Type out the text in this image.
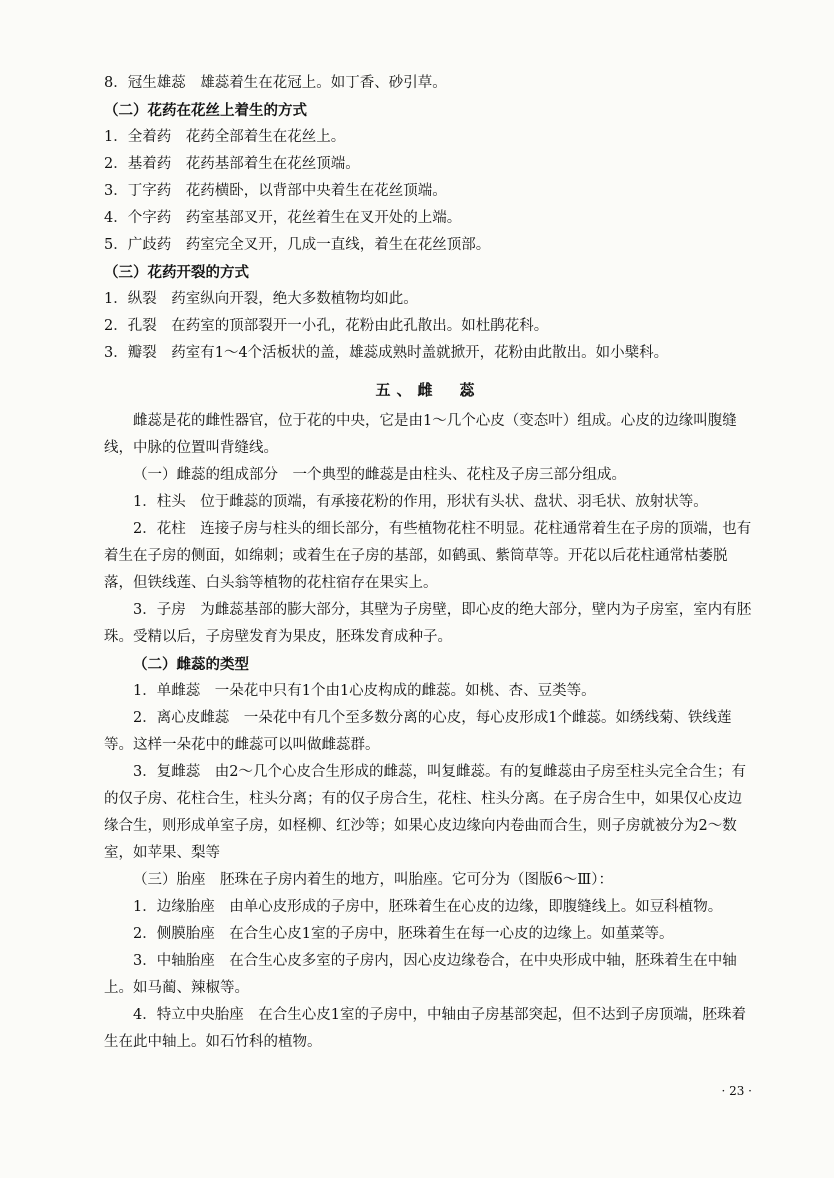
8．冠生雄蕊　雄蕊着生在花冠上。如丁香、砂引草。
（二）花药在花丝上着生的方式
1．全着药　花药全部着生在花丝上。
2．基着药　花药基部着生在花丝顶端。
3．丁字药　花药横卧，以背部中央着生在花丝顶端。
4．个字药　药室基部叉开，花丝着生在叉开处的上端。
5．广歧药　药室完全叉开，几成一直线，着生在花丝顶部。
（三）花药开裂的方式
1．纵裂　药室纵向开裂，绝大多数植物均如此。
2．孔裂　在药室的顶部裂开一小孔，花粉由此孔散出。如杜鹃花科。
3．瓣裂　药室有1～4个活板状的盖，雄蕊成熟时盖就掀开，花粉由此散出。如小檗科。
五、雌　蕊
雌蕊是花的雌性器官，位于花的中央，它是由1～几个心皮（变态叶）组成。心皮的边缘叫腹缝线，中脉的位置叫背缝线。
（一）雌蕊的组成部分　一个典型的雌蕊是由柱头、花柱及子房三部分组成。
1．柱头　位于雌蕊的顶端，有承接花粉的作用，形状有头状、盘状、羽毛状、放射状等。
2．花柱　连接子房与柱头的细长部分，有些植物花柱不明显。花柱通常着生在子房的顶端，也有着生在子房的侧面，如绵刺；或着生在子房的基部，如鹤虱、紫筒草等。开花以后花柱通常枯萎脱落，但铁线莲、白头翁等植物的花柱宿存在果实上。
3．子房　为雌蕊基部的膨大部分，其壁为子房壁，即心皮的绝大部分，壁内为子房室，室内有胚珠。受精以后，子房壁发育为果皮，胚珠发育成种子。
（二）雌蕊的类型
1．单雌蕊　一朵花中只有1个由1心皮构成的雌蕊。如桃、杏、豆类等。
2．离心皮雌蕊　一朵花中有几个至多数分离的心皮，每心皮形成1个雌蕊。如绣线菊、铁线莲等。这样一朵花中的雌蕊可以叫做雌蕊群。
3．复雌蕊　由2～几个心皮合生形成的雌蕊，叫复雌蕊。有的复雌蕊由子房至柱头完全合生；有的仅子房、花柱合生，柱头分离；有的仅子房合生，花柱、柱头分离。在子房合生中，如果仅心皮边缘合生，则形成单室子房，如柽柳、红沙等；如果心皮边缘向内卷曲而合生，则子房就被分为2～数室，如苹果、梨等
（三）胎座　胚珠在子房内着生的地方，叫胎座。它可分为（图版6～Ⅲ）：
1．边缘胎座　由单心皮形成的子房中，胚珠着生在心皮的边缘，即腹缝线上。如豆科植物。
2．侧膜胎座　在合生心皮1室的子房中，胚珠着生在每一心皮的边缘上。如堇菜等。
3．中轴胎座　在合生心皮多室的子房内，因心皮边缘卷合，在中央形成中轴，胚珠着生在中轴上。如马蔺、辣椒等。
4．特立中央胎座　在合生心皮1室的子房中，中轴由子房基部突起，但不达到子房顶端，胚珠着生在此中轴上。如石竹科的植物。
· 23 ·
